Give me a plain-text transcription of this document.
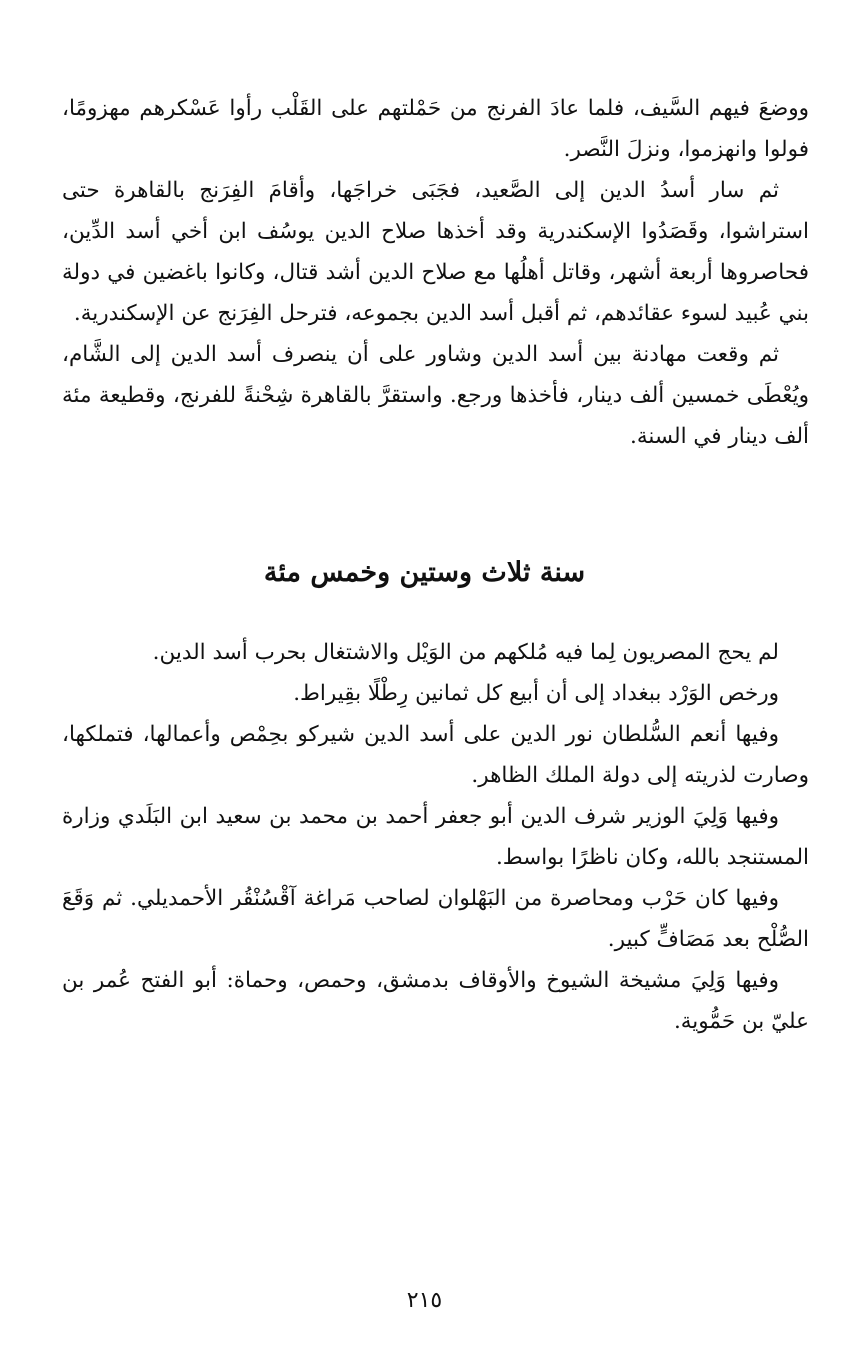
ووضعَ فيهم السَّيف، فلما عادَ الفرنج من حَمْلتهم على القَلْب رأوا عَسْكرهم مهزومًا، فولوا وانهزموا، ونزلَ النَّصر.

ثم سار أسدُ الدين إلى الصَّعيد، فجَبَى خراجَها، وأقامَ الفِرَنج بالقاهرة حتى استراشوا، وقَصَدُوا الإسكندرية وقد أخذها صلاح الدين يوسُف ابن أخي أسد الدِّين، فحاصروها أربعة أشهر، وقاتل أهلُها مع صلاح الدين أشد قتال، وكانوا باغضين في دولة بني عُبيد لسوء عقائدهم، ثم أقبل أسد الدين بجموعه، فترحل الفِرَنج عن الإسكندرية.

ثم وقعت مهادنة بين أسد الدين وشاور على أن ينصرف أسد الدين إلى الشَّام، ويُعْطَى خمسين ألف دينار، فأخذها ورجع. واستقرَّ بالقاهرة شِحْنةً للفرنج، وقطيعة مئة ألف دينار في السنة.

سنة ثلاث وستين وخمس مئة

لم يحج المصريون لِما فيه مُلكهم من الوَيْل والاشتغال بحرب أسد الدين.

ورخص الوَرْد ببغداد إلى أن أبيع كل ثمانين رِطْلًا بقِيراط.

وفيها أنعم السُّلطان نور الدين على أسد الدين شيركو بحِمْص وأعمالها، فتملكها، وصارت لذريته إلى دولة الملك الظاهر.

وفيها وَلِيَ الوزير شرف الدين أبو جعفر أحمد بن محمد بن سعيد ابن البَلَدي وزارة المستنجد بالله، وكان ناظرًا بواسط.

وفيها كان حَرْب ومحاصرة من البَهْلوان لصاحب مَراغة آقْسُنْقُر الأحمديلي. ثم وَقَعَ الصُّلْح بعد مَصَافٍّ كبير.

وفيها وَلِيَ مشيخة الشيوخ والأوقاف بدمشق، وحمص، وحماة: أبو الفتح عُمر بن عليّ بن حَمُّوية.

٢١٥
